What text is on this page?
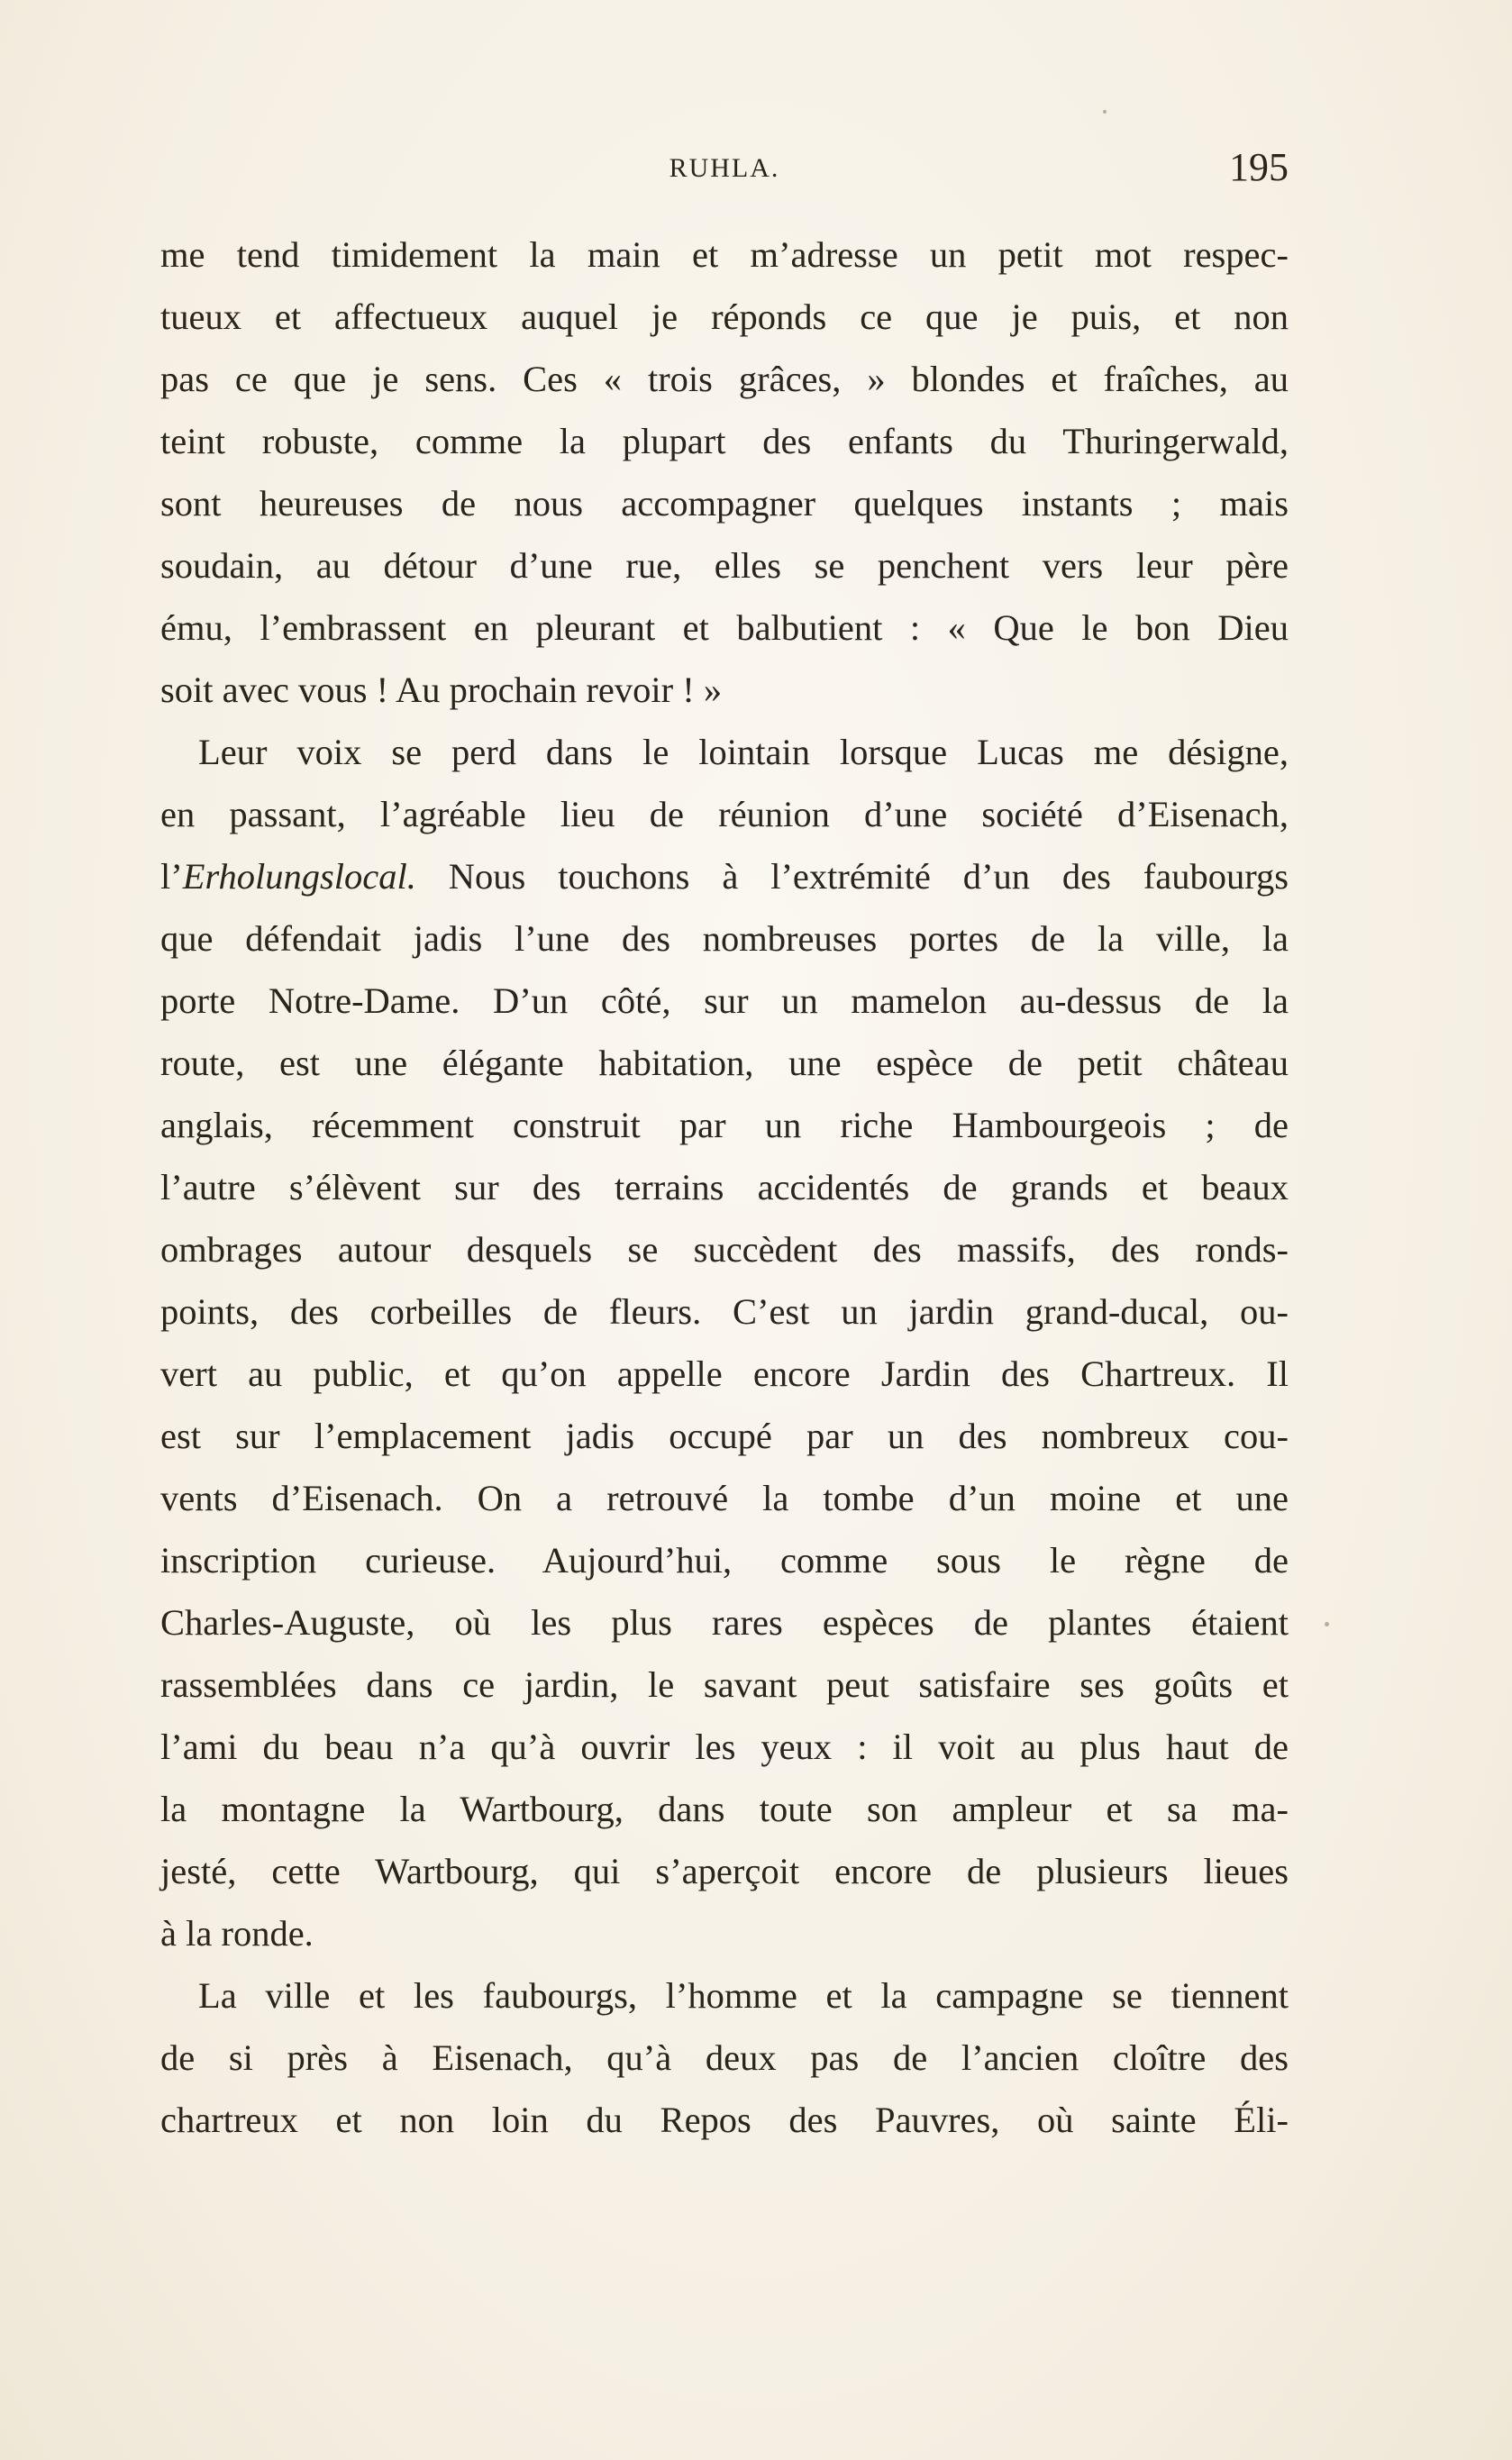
RUHLA.	195

me tend timidement la main et m’adresse un petit mot respec-

tueux et affectueux auquel je réponds ce que je puis, et non

pas ce que je sens. Ces « trois grâces, » blondes et fraîches, au

teint robuste, comme la plupart des enfants du Thuringerwald,

sont heureuses de nous accompagner quelques instants ; mais

soudain, au détour d’une rue, elles se penchent vers leur père

ému, l’embrassent en pleurant et balbutient : « Que le bon Dieu

soit avec vous ! Au prochain revoir ! »

Leur voix se perd dans le lointain lorsque Lucas me désigne,

en passant, l’agréable lieu de réunion d’une société d’Eisenach,

l’Erholungslocal. Nous touchons à l’extrémité d’un des faubourgs

que défendait jadis l’une des nombreuses portes de la ville, la

porte Notre-Dame. D’un côté, sur un mamelon au-dessus de la

route, est une élégante habitation, une espèce de petit château

anglais, récemment construit par un riche Hambourgeois ; de

l’autre s’élèvent sur des terrains accidentés de grands et beaux

ombrages autour desquels se succèdent des massifs, des ronds-

points, des corbeilles de fleurs. C’est un jardin grand-ducal, ou-

vert au public, et qu’on appelle encore Jardin des Chartreux. Il

est sur l’emplacement jadis occupé par un des nombreux cou-

vents d’Eisenach. On a retrouvé la tombe d’un moine et une

inscription curieuse. Aujourd’hui, comme sous le règne de

Charles-Auguste, où les plus rares espèces de plantes étaient

rassemblées dans ce jardin, le savant peut satisfaire ses goûts et

l’ami du beau n’a qu’à ouvrir les yeux : il voit au plus haut de

la montagne la Wartbourg, dans toute son ampleur et sa ma-

jesté, cette Wartbourg, qui s’aperçoit encore de plusieurs lieues

à la ronde.

La ville et les faubourgs, l’homme et la campagne se tiennent

de si près à Eisenach, qu’à deux pas de l’ancien cloître des

chartreux et non loin du Repos des Pauvres, où sainte Éli-
